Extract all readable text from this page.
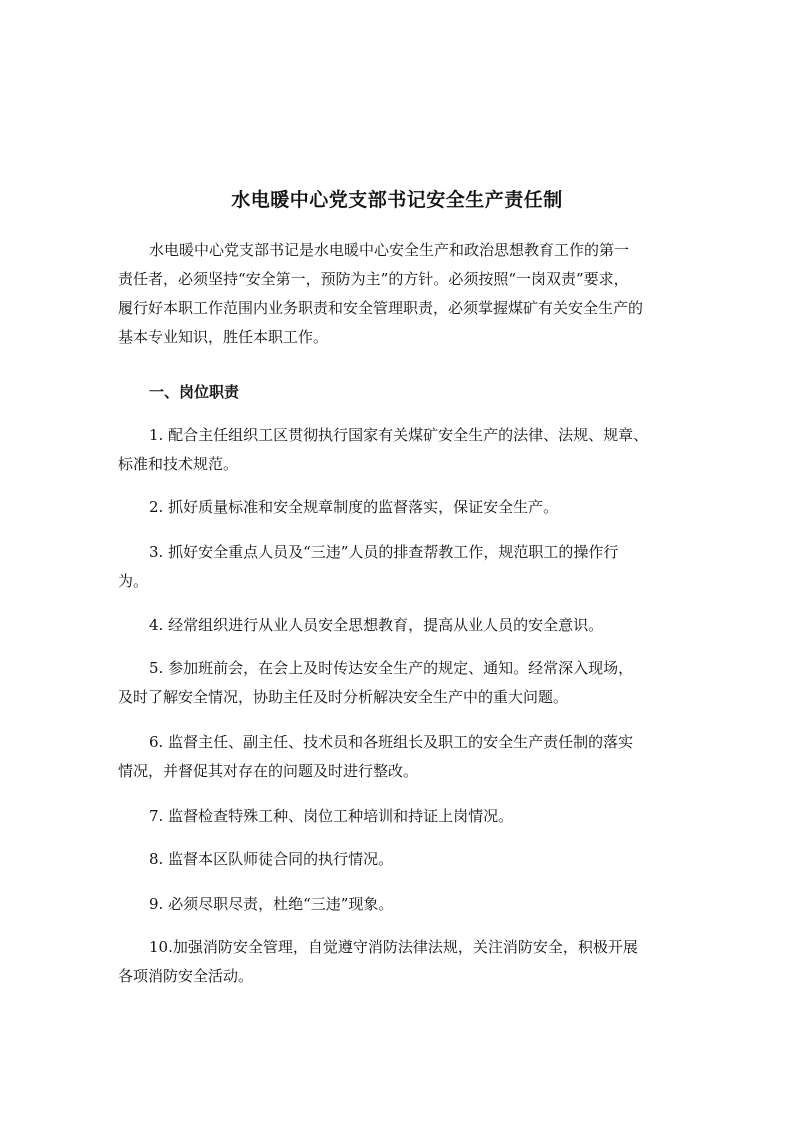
水电暖中心党支部书记安全生产责任制
水电暖中心党支部书记是水电暖中心安全生产和政治思想教育工作的第一
责任者，必须坚持“安全第一，预防为主”的方针。必须按照“一岗双责”要求，
履行好本职工作范围内业务职责和安全管理职责，必须掌握煤矿有关安全生产的
基本专业知识，胜任本职工作。
一、岗位职责
1. 配合主任组织工区贯彻执行国家有关煤矿安全生产的法律、法规、规章、
标准和技术规范。
2. 抓好质量标准和安全规章制度的监督落实，保证安全生产。
3. 抓好安全重点人员及“三违”人员的排查帮教工作，规范职工的操作行
为。
4. 经常组织进行从业人员安全思想教育，提高从业人员的安全意识。
5. 参加班前会，在会上及时传达安全生产的规定、通知。经常深入现场，
及时了解安全情况，协助主任及时分析解决安全生产中的重大问题。
6. 监督主任、副主任、技术员和各班组长及职工的安全生产责任制的落实
情况，并督促其对存在的问题及时进行整改。
7. 监督检查特殊工种、岗位工种培训和持证上岗情况。
8. 监督本区队师徒合同的执行情况。
9. 必须尽职尽责，杜绝“三违”现象。
10.加强消防安全管理，自觉遵守消防法律法规，关注消防安全，积极开展
各项消防安全活动。
